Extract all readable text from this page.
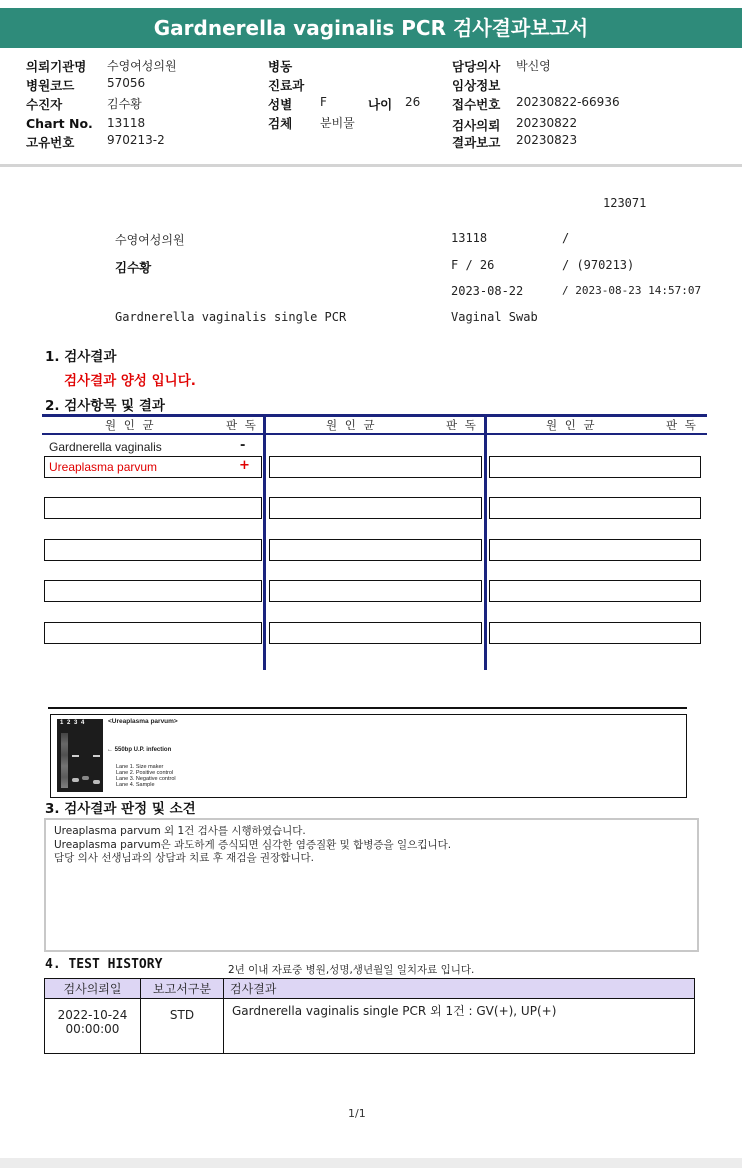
Gardnerella vaginalis PCR 검사결과보고서
의뢰기관명 수영여성의원
병원코드	57056
수진자	김수황
Chart No. 13118
고유번호	970213-2
병동
진료과
성별 F	나이 26
검체 분비물
담당의사 박신영
임상정보
접수번호 20230822-66936
검사의뢰 20230822
결과보고 20230823
123071
수영여성의원	13118	/
김수황	F / 26	/ (970213)
2023-08-22	/ 2023-08-23 14:57:07
Gardnerella vaginalis single PCR	Vaginal Swab
1. 검사결과
검사결과 양성 입니다.
2. 검사항목 및 결과
원 인 균	판 독	원 인 균	판 독	원 인 균	판 독
Gardnerella vaginalis	-
Ureaplasma parvum	+
1 2 3 4	<Ureaplasma parvum>
← 550bp U.P. infection
Lane 1. Size maker
Lane 2. Positive control
Lane 3. Negative control
Lane 4. Sample
3. 검사결과 판정 및 소견
Ureaplasma parvum 외 1건 검사를 시행하였습니다.
Ureaplasma parvum은 과도하게 증식되면 심각한 염증질환 및 합병증을 일으킵니다.
담당 의사 선생님과의 상담과 치료 후 재검을 권장합니다.
4. TEST HISTORY	2년 이내 자료중 병원,성명,생년월일 일치자료 입니다.
검사의뢰일	보고서구분	검사결과

2022-10-24
00:00:00	STD	Gardnerella vaginalis single PCR 외 1건 : GV(+), UP(+)
1/1
